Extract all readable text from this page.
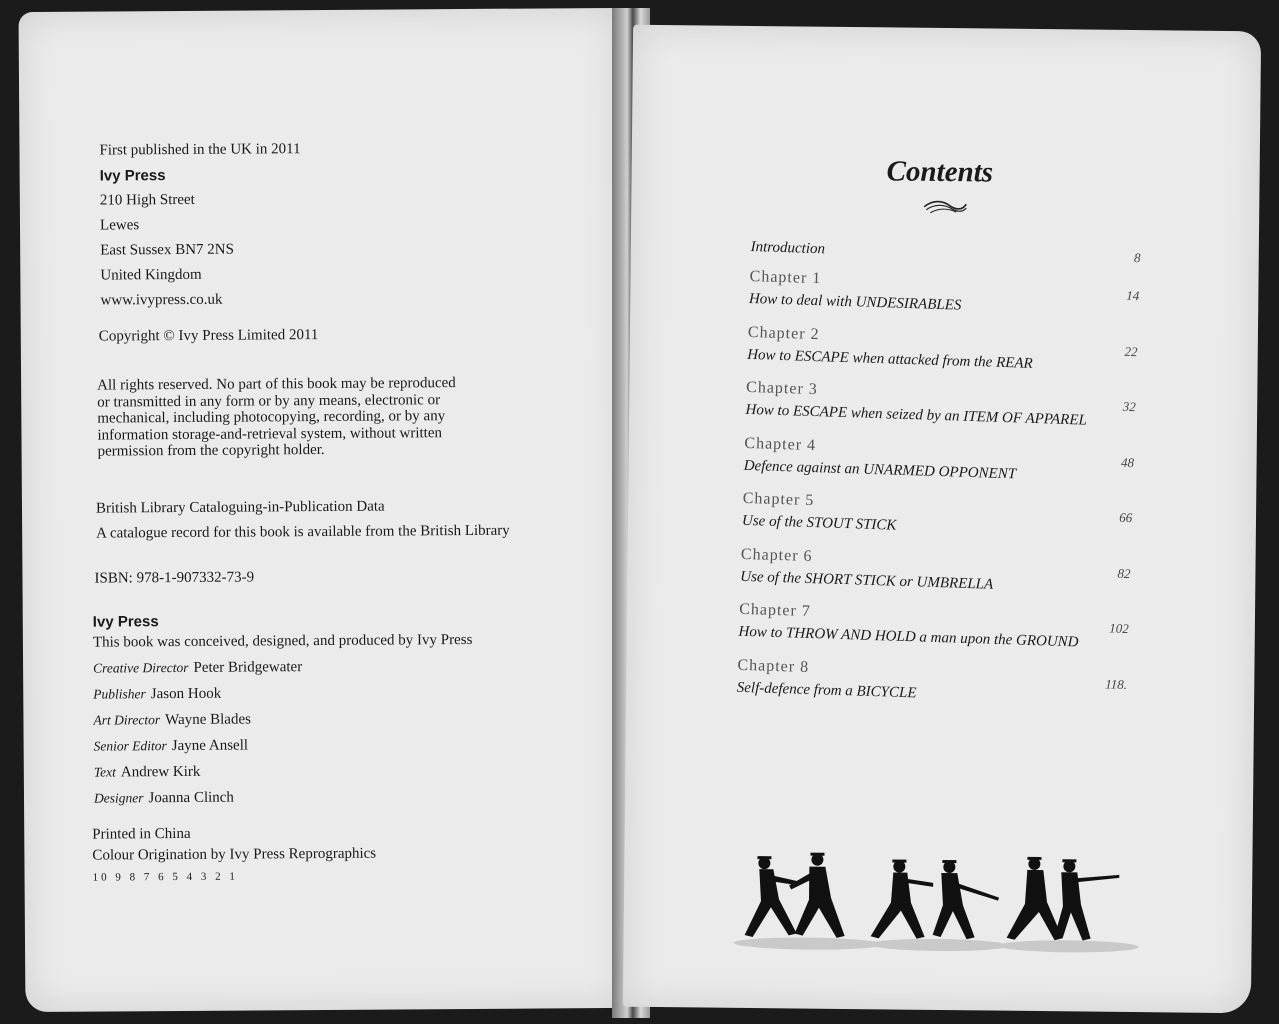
First published in the UK in 2011
Ivy Press
210 High Street
Lewes
East Sussex BN7 2NS
United Kingdom
www.ivypress.co.uk
Copyright © Ivy Press Limited 2011
All rights reserved. No part of this book may be reproduced
or transmitted in any form or by any means, electronic or
mechanical, including photocopying, recording, or by any
information storage-and-retrieval system, without written
permission from the copyright holder.
British Library Cataloguing-in-Publication Data
A catalogue record for this book is available from the British Library
ISBN: 978-1-907332-73-9
Ivy Press
This book was conceived, designed, and produced by Ivy Press
Creative Director Peter Bridgewater
Publisher Jason Hook
Art Director Wayne Blades
Senior Editor Jayne Ansell
Text Andrew Kirk
Designer Joanna Clinch
Printed in China
Colour Origination by Ivy Press Reprographics
10 9 8 7 6 5 4 3 2 1
Contents
Introduction
8
Chapter 1
How to deal with UNDESIRABLES	14
Chapter 2
How to ESCAPE when attacked from the REAR	22
Chapter 3
How to ESCAPE when seized by an ITEM OF APPAREL	32
Chapter 4
Defence against an UNARMED OPPONENT	48
Chapter 5
Use of the STOUT STICK	66
Chapter 6
Use of the SHORT STICK or UMBRELLA	82
Chapter 7
How to THROW AND HOLD a man upon the GROUND	102
Chapter 8
Self-defence from a BICYCLE	118.
